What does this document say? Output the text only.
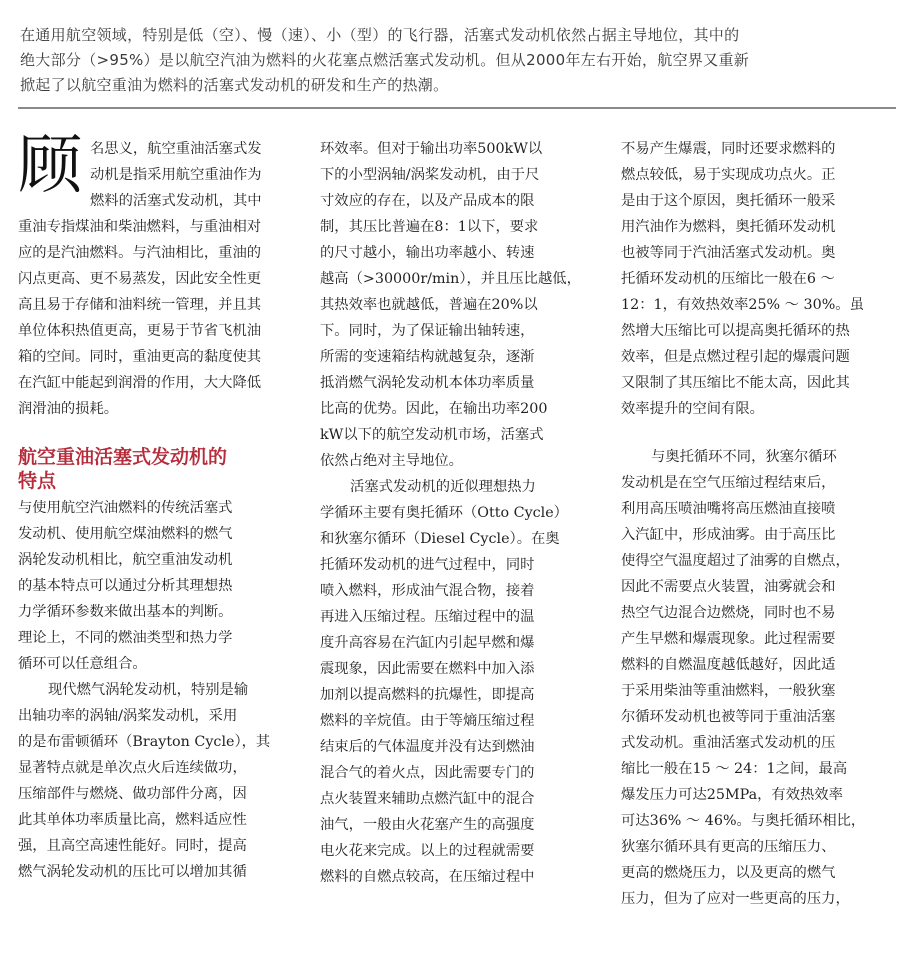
在通用航空领域，特别是低（空）、慢（速）、小（型）的飞行器，活塞式发动机依然占据主导地位，其中的
绝大部分（>95%）是以航空汽油为燃料的火花塞点燃活塞式发动机。但从2000年左右开始，航空界又重新
掀起了以航空重油为燃料的活塞式发动机的研发和生产的热潮。
顾 名思义，航空重油活塞式发
动机是指采用航空重油作为
燃料的活塞式发动机，其中
重油专指煤油和柴油燃料，与重油相对
应的是汽油燃料。与汽油相比，重油的
闪点更高、更不易蒸发，因此安全性更
高且易于存储和油料统一管理，并且其
单位体积热值更高，更易于节省飞机油
箱的空间。同时，重油更高的黏度使其
在汽缸中能起到润滑的作用，大大降低
润滑油的损耗。
航空重油活塞式发动机的
特点
与使用航空汽油燃料的传统活塞式
发动机、使用航空煤油燃料的燃气
涡轮发动机相比，航空重油发动机
的基本特点可以通过分析其理想热
力学循环参数来做出基本的判断。
理论上，不同的燃油类型和热力学
循环可以任意组合。
现代燃气涡轮发动机，特别是输
出轴功率的涡轴/涡桨发动机，采用
的是布雷顿循环（Brayton Cycle），其
显著特点就是单次点火后连续做功，
压缩部件与燃烧、做功部件分离，因
此其单体功率质量比高，燃料适应性
强，且高空高速性能好。同时，提高
燃气涡轮发动机的压比可以增加其循
环效率。但对于输出功率500kW以
下的小型涡轴/涡桨发动机，由于尺
寸效应的存在，以及产品成本的限
制，其压比普遍在8：1以下，要求
的尺寸越小，输出功率越小、转速
越高（>30000r/min），并且压比越低，
其热效率也就越低，普遍在20%以
下。同时，为了保证输出轴转速，
所需的变速箱结构就越复杂，逐渐
抵消燃气涡轮发动机本体功率质量
比高的优势。因此，在输出功率200
kW以下的航空发动机市场，活塞式
依然占绝对主导地位。
活塞式发动机的近似理想热力
学循环主要有奥托循环（Otto Cycle）
和狄塞尔循环（Diesel Cycle）。在奥
托循环发动机的进气过程中，同时
喷入燃料，形成油气混合物，接着
再进入压缩过程。压缩过程中的温
度升高容易在汽缸内引起早燃和爆
震现象，因此需要在燃料中加入添
加剂以提高燃料的抗爆性，即提高
燃料的辛烷值。由于等熵压缩过程
结束后的气体温度并没有达到燃油
混合气的着火点，因此需要专门的
点火装置来辅助点燃汽缸中的混合
油气，一般由火花塞产生的高强度
电火花来完成。以上的过程就需要
燃料的自燃点较高，在压缩过程中
不易产生爆震，同时还要求燃料的
燃点较低，易于实现成功点火。正
是由于这个原因，奥托循环一般采
用汽油作为燃料，奥托循环发动机
也被等同于汽油活塞式发动机。奥
托循环发动机的压缩比一般在6 ～
12：1，有效热效率25% ～ 30%。虽
然增大压缩比可以提高奥托循环的热
效率，但是点燃过程引起的爆震问题
又限制了其压缩比不能太高，因此其
效率提升的空间有限。
与奥托循环不同，狄塞尔循环
发动机是在空气压缩过程结束后，
利用高压喷油嘴将高压燃油直接喷
入汽缸中，形成油雾。由于高压比
使得空气温度超过了油雾的自燃点，
因此不需要点火装置，油雾就会和
热空气边混合边燃烧，同时也不易
产生早燃和爆震现象。此过程需要
燃料的自燃温度越低越好，因此适
于采用柴油等重油燃料，一般狄塞
尔循环发动机也被等同于重油活塞
式发动机。重油活塞式发动机的压
缩比一般在15 ～ 24：1之间，最高
爆发压力可达25MPa，有效热效率
可达36% ～ 46%。与奥托循环相比，
狄塞尔循环具有更高的压缩压力、
更高的燃烧压力，以及更高的燃气
压力，但为了应对一些更高的压力，
